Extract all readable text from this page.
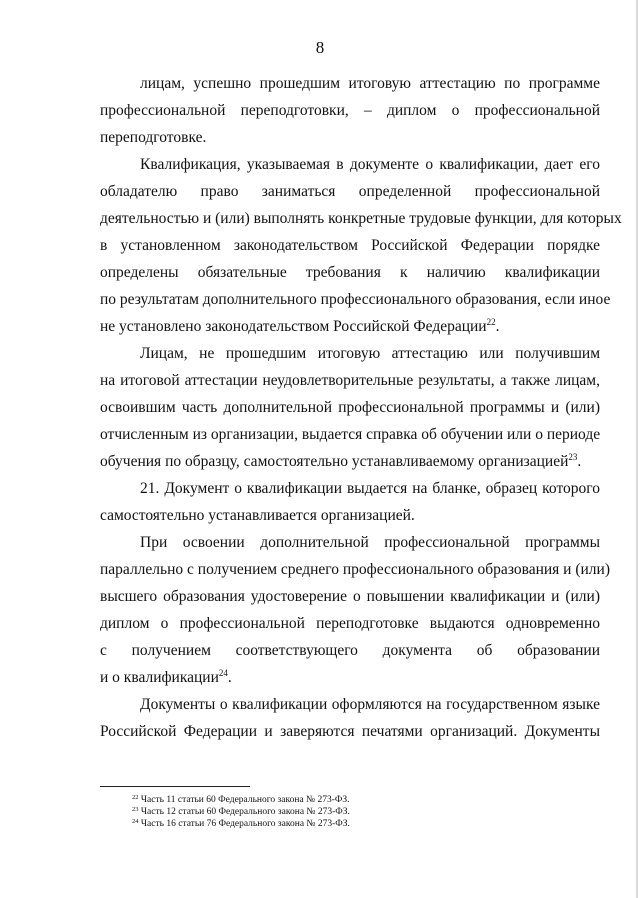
8
лицам, успешно прошедшим итоговую аттестацию по программе
профессиональной переподготовки, – диплом о профессиональной
переподготовке.
Квалификация, указываемая в документе о квалификации, дает его
обладателю право заниматься определенной профессиональной
деятельностью и (или) выполнять конкретные трудовые функции, для которых
в установленном законодательством Российской Федерации порядке
определены обязательные требования к наличию квалификации
по результатам дополнительного профессионального образования, если иное
не установлено законодательством Российской Федерации$^{22}$.
Лицам, не прошедшим итоговую аттестацию или получившим
на итоговой аттестации неудовлетворительные результаты, а также лицам,
освоившим часть дополнительной профессиональной программы и (или)
отчисленным из организации, выдается справка об обучении или о периоде
обучения по образцу, самостоятельно устанавливаемому организацией$^{23}$.
21. Документ о квалификации выдается на бланке, образец которого
самостоятельно устанавливается организацией.
При освоении дополнительной профессиональной программы
параллельно с получением среднего профессионального образования и (или)
высшего образования удостоверение о повышении квалификации и (или)
диплом о профессиональной переподготовке выдаются одновременно
с получением соответствующего документа об образовании
и о квалификации$^{24}$.
Документы о квалификации оформляются на государственном языке
Российской Федерации и заверяются печатями организаций. Документы
$^{22}$ Часть 11 статьи 60 Федерального закона № 273-ФЗ.
$^{23}$ Часть 12 статьи 60 Федерального закона № 273-ФЗ.
$^{24}$ Часть 16 статьи 76 Федерального закона № 273-ФЗ.
